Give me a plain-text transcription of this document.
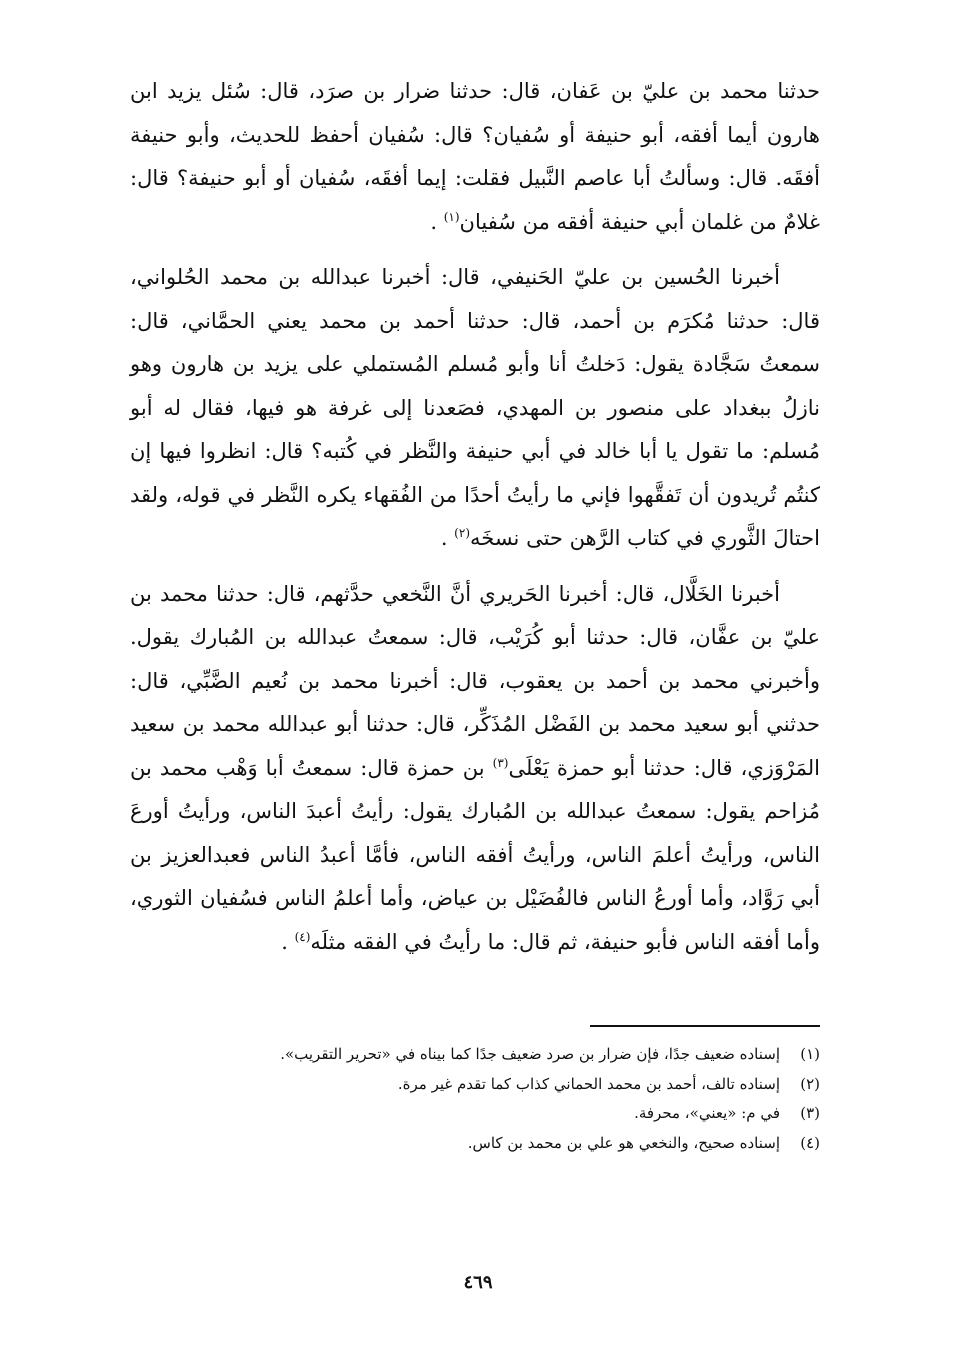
حدثنا محمد بن عليّ بن عَفان، قال: حدثنا ضرار بن صرَد، قال: سُئل يزيد ابن هارون أيما أفقه، أبو حنيفة أو سُفيان؟ قال: سُفيان أحفظ للحديث، وأبو حنيفة أفقَه. قال: وسألتُ أبا عاصم النَّبيل فقلت: إيما أفقَه، سُفيان أو أبو حنيفة؟ قال: غلامٌ من غلمان أبي حنيفة أفقه من سُفيان$^{(١)}$ .

أخبرنا الحُسين بن عليّ الحَنيفي، قال: أخبرنا عبدالله بن محمد الحُلواني، قال: حدثنا مُكرَم بن أحمد، قال: حدثنا أحمد بن محمد يعني الحمَّاني، قال: سمعتُ سَجَّادة يقول: دَخلتُ أنا وأبو مُسلم المُستملي على يزيد بن هارون وهو نازلُ ببغداد على منصور بن المهدي، فصَعدنا إلى غرفة هو فيها، فقال له أبو مُسلم: ما تقول يا أبا خالد في أبي حنيفة والنَّظر في كُتبه؟ قال: انظروا فيها إن كنتُم تُريدون أن تَفقَّهوا فإني ما رأيتُ أحدًا من الفُقهاء يكره النَّظر في قوله، ولقد احتالَ الثَّوري في كتاب الرَّهن حتى نسخَه$^{(٢)}$ .

أخبرنا الخَلَّال، قال: أخبرنا الحَريري أنَّ النَّخعي حدَّثهم، قال: حدثنا محمد بن عليّ بن عفَّان، قال: حدثنا أبو كُرَيْب، قال: سمعتُ عبدالله بن المُبارك يقول. وأخبرني محمد بن أحمد بن يعقوب، قال: أخبرنا محمد بن نُعيم الضَّبِّي، قال: حدثني أبو سعيد محمد بن الفَضْل المُذَكِّر، قال: حدثنا أبو عبدالله محمد بن سعيد المَرْوَزي، قال: حدثنا أبو حمزة يَعْلَى$^{(٣)}$ بن حمزة قال: سمعتُ أبا وَهْب محمد بن مُزاحم يقول: سمعتُ عبدالله بن المُبارك يقول: رأيتُ أعبدَ الناس، ورأيتُ أورعَ الناس، ورأيتُ أعلمَ الناس، ورأيتُ أفقه الناس، فأمَّا أعبدُ الناس فعبدالعزيز بن أبي رَوَّاد، وأما أورعُ الناس فالفُضَيْل بن عياض، وأما أعلمُ الناس فسُفيان الثوري، وأما أفقه الناس فأبو حنيفة، ثم قال: ما رأيتُ في الفقه مثلَه$^{(٤)}$ .

(١)
إسناده ضعيف جدًا، فإن ضرار بن صرد ضعيف جدًا كما بيناه في «تحرير التقريب».
(٢)
إسناده تالف، أحمد بن محمد الحماني كذاب كما تقدم غير مرة.
(٣)
في م: «يعني»، محرفة.
(٤)
إسناده صحيح، والنخعي هو علي بن محمد بن كاس.
٤٦٩
